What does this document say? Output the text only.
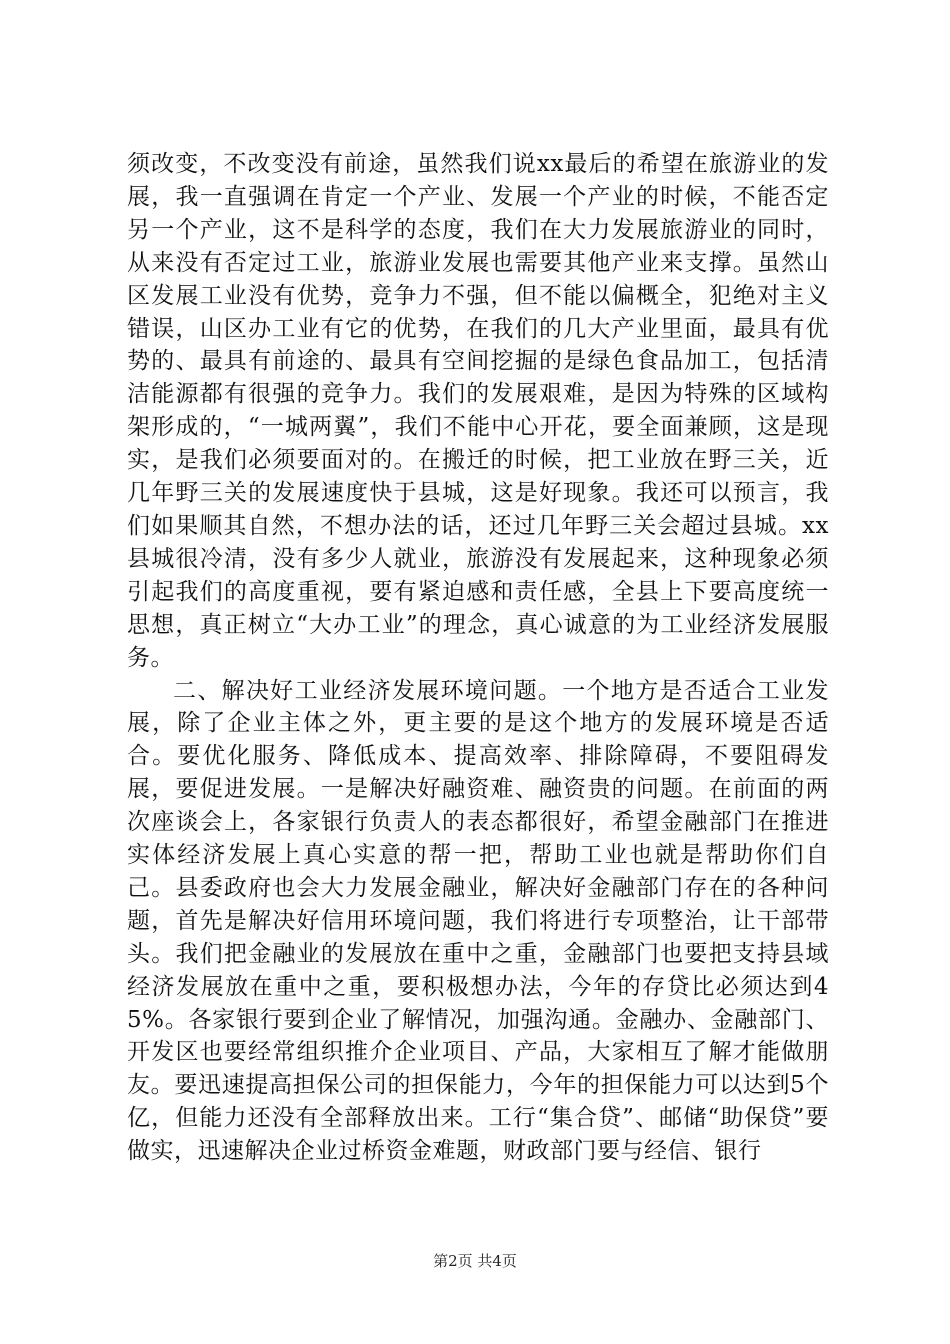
须改变，不改变没有前途，虽然我们说xx最后的希望在旅游业的发展，我一直强调在肯定一个产业、发展一个产业的时候，不能否定另一个产业，这不是科学的态度，我们在大力发展旅游业的同时，从来没有否定过工业，旅游业发展也需要其他产业来支撑。虽然山区发展工业没有优势，竞争力不强，但不能以偏概全，犯绝对主义错误，山区办工业有它的优势，在我们的几大产业里面，最具有优势的、最具有前途的、最具有空间挖掘的是绿色食品加工，包括清洁能源都有很强的竞争力。我们的发展艰难，是因为特殊的区域构架形成的，“一城两翼”，我们不能中心开花，要全面兼顾，这是现实，是我们必须要面对的。在搬迁的时候，把工业放在野三关，近几年野三关的发展速度快于县城，这是好现象。我还可以预言，我们如果顺其自然，不想办法的话，还过几年野三关会超过县城。xx县城很冷清，没有多少人就业，旅游没有发展起来，这种现象必须引起我们的高度重视，要有紧迫感和责任感，全县上下要高度统一思想，真正树立“大办工业”的理念，真心诚意的为工业经济发展服务。

二、解决好工业经济发展环境问题。一个地方是否适合工业发展，除了企业主体之外，更主要的是这个地方的发展环境是否适合。要优化服务、降低成本、提高效率、排除障碍，不要阻碍发展，要促进发展。一是解决好融资难、融资贵的问题。在前面的两次座谈会上，各家银行负责人的表态都很好，希望金融部门在推进实体经济发展上真心实意的帮一把，帮助工业也就是帮助你们自己。县委政府也会大力发展金融业，解决好金融部门存在的各种问题，首先是解决好信用环境问题，我们将进行专项整治，让干部带头。我们把金融业的发展放在重中之重，金融部门也要把支持县域经济发展放在重中之重，要积极想办法，今年的存贷比必须达到45%。各家银行要到企业了解情况，加强沟通。金融办、金融部门、开发区也要经常组织推介企业项目、产品，大家相互了解才能做朋友。要迅速提高担保公司的担保能力，今年的担保能力可以达到5个亿，但能力还没有全部释放出来。工行“集合贷”、邮储“助保贷”要做实，迅速解决企业过桥资金难题，财政部门要与经信、银行

第2页 共4页
